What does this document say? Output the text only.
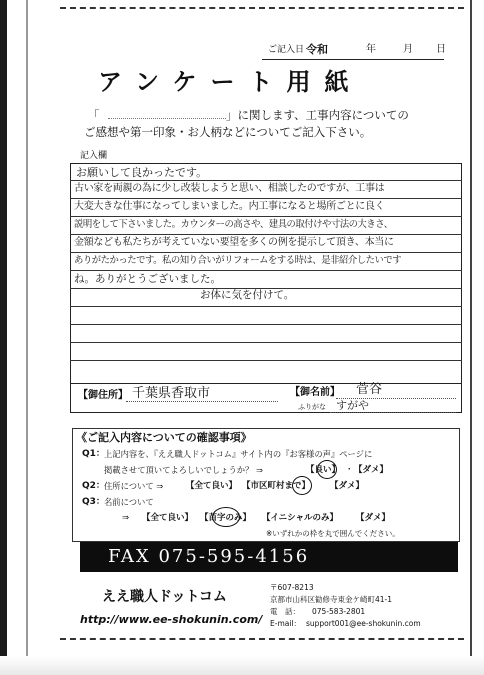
ご記入日 令和	年	月 日
アンケート用紙
「	」に関します、工事内容についての
ご感想や第一印象・お人柄などについてご記入下さい。
記入欄
お願いして良かったです。
古い家を両親の為に少し改装しようと思い、相談したのですが、工事は
大変大きな仕事になってしまいました。内工事になると場所ごとに良く
説明をして下さいました。カウンターの高さや、建具の取付けや寸法の大きさ、
金額なども私たちが考えていない要望を多くの例を提示して頂き、本当に
ありがたかったです。私の知り合いがリフォームをする時は、是非紹介したいです
ね。ありがとうございました。
お体に気を付けて。
【御住所】 千葉県香取市	【御名前】 菅谷
ふりがな すがや
《ご記入内容についての確認事項》
Q1： 上記内容を、『ええ職人ドットコム』サイト内の『お客様の声』ページに
掲載させて頂いてよろしいでしょうか？ ⇒	【良い】 ・ 【ダメ】
Q2： 住所について ⇒	【全て良い】 【市区町村まで】 【ダメ】
Q3： 名前について
⇒ 【全て良い】 【苗字のみ】 【イニシャルのみ】 【ダメ】
※いずれかの枠を丸で囲んでください。
FAX 075-595-4156
ええ職人ドットコム
http://www.ee-shokunin.com/
〒607-8213
京都市山科区勧修寺東金ケ崎町41-1
電　話： 075-583-2801
E-mail： support001@ee-shokunin.com
